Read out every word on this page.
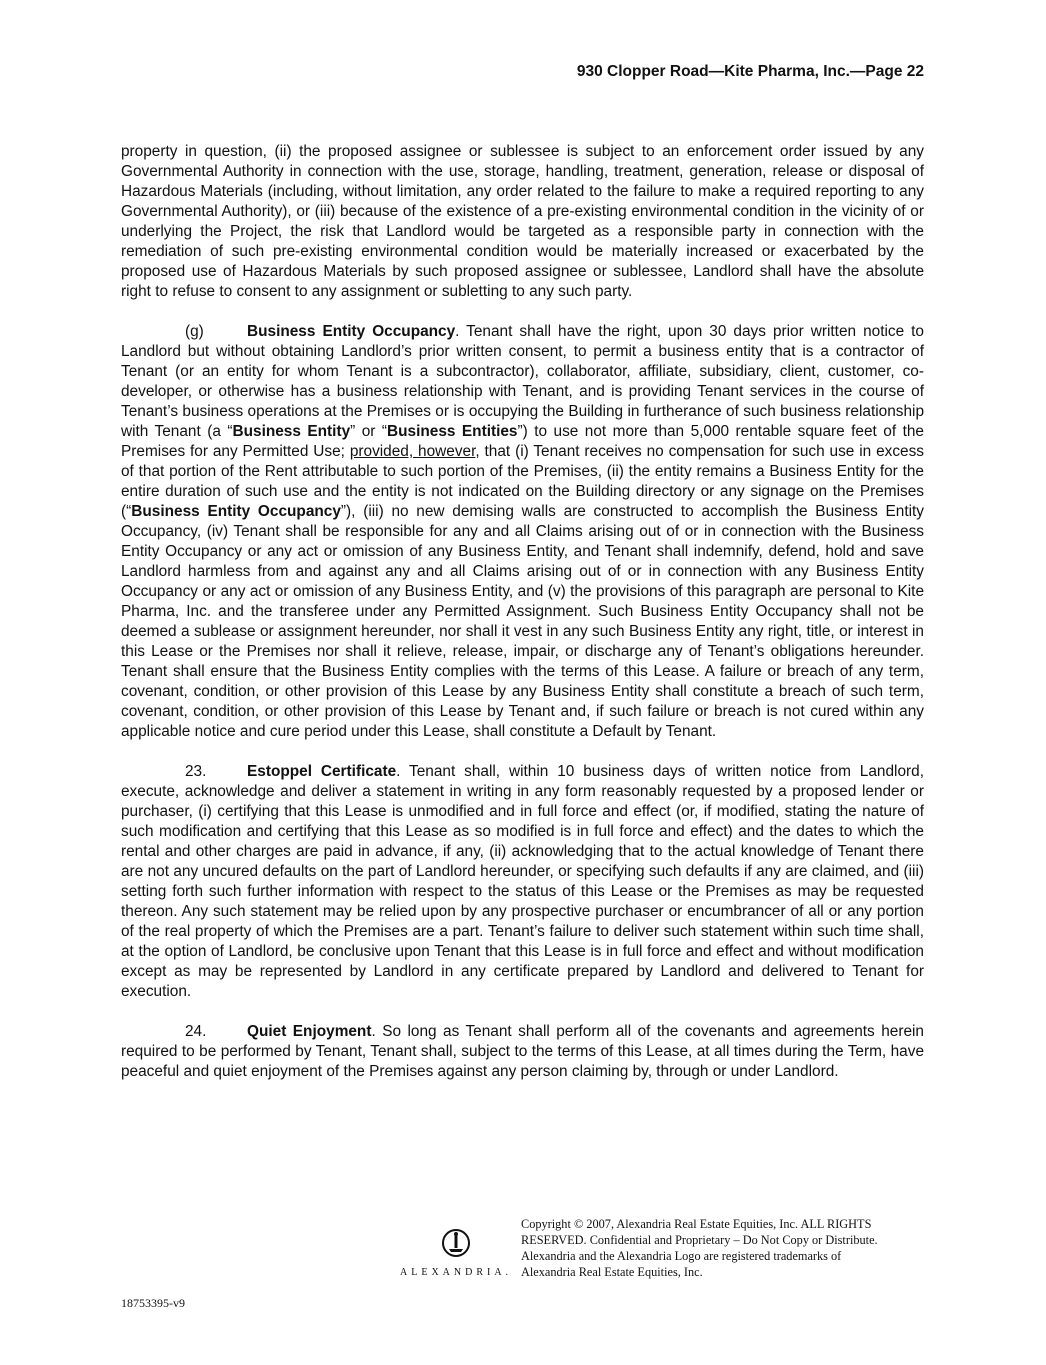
930 Clopper Road—Kite Pharma, Inc.—Page 22

property in question, (ii) the proposed assignee or sublessee is subject to an enforcement order issued by any Governmental Authority in connection with the use, storage, handling, treatment, generation, release or disposal of Hazardous Materials (including, without limitation, any order related to the failure to make a required reporting to any Governmental Authority), or (iii) because of the existence of a pre-existing environmental condition in the vicinity of or underlying the Project, the risk that Landlord would be targeted as a responsible party in connection with the remediation of such pre-existing environmental condition would be materially increased or exacerbated by the proposed use of Hazardous Materials by such proposed assignee or sublessee, Landlord shall have the absolute right to refuse to consent to any assignment or subletting to any such party.

(g)	Business Entity Occupancy. Tenant shall have the right, upon 30 days prior written notice to Landlord but without obtaining Landlord’s prior written consent, to permit a business entity that is a contractor of Tenant (or an entity for whom Tenant is a subcontractor), collaborator, affiliate, subsidiary, client, customer, co-developer, or otherwise has a business relationship with Tenant, and is providing Tenant services in the course of Tenant’s business operations at the Premises or is occupying the Building in furtherance of such business relationship with Tenant (a “Business Entity” or “Business Entities”) to use not more than 5,000 rentable square feet of the Premises for any Permitted Use; provided, however, that (i) Tenant receives no compensation for such use in excess of that portion of the Rent attributable to such portion of the Premises, (ii) the entity remains a Business Entity for the entire duration of such use and the entity is not indicated on the Building directory or any signage on the Premises (“Business Entity Occupancy”), (iii) no new demising walls are constructed to accomplish the Business Entity Occupancy, (iv) Tenant shall be responsible for any and all Claims arising out of or in connection with the Business Entity Occupancy or any act or omission of any Business Entity, and Tenant shall indemnify, defend, hold and save Landlord harmless from and against any and all Claims arising out of or in connection with any Business Entity Occupancy or any act or omission of any Business Entity, and (v) the provisions of this paragraph are personal to Kite Pharma, Inc. and the transferee under any Permitted Assignment. Such Business Entity Occupancy shall not be deemed a sublease or assignment hereunder, nor shall it vest in any such Business Entity any right, title, or interest in this Lease or the Premises nor shall it relieve, release, impair, or discharge any of Tenant’s obligations hereunder. Tenant shall ensure that the Business Entity complies with the terms of this Lease. A failure or breach of any term, covenant, condition, or other provision of this Lease by any Business Entity shall constitute a breach of such term, covenant, condition, or other provision of this Lease by Tenant and, if such failure or breach is not cured within any applicable notice and cure period under this Lease, shall constitute a Default by Tenant.

23.	Estoppel Certificate. Tenant shall, within 10 business days of written notice from Landlord, execute, acknowledge and deliver a statement in writing in any form reasonably requested by a proposed lender or purchaser, (i) certifying that this Lease is unmodified and in full force and effect (or, if modified, stating the nature of such modification and certifying that this Lease as so modified is in full force and effect) and the dates to which the rental and other charges are paid in advance, if any, (ii) acknowledging that to the actual knowledge of Tenant there are not any uncured defaults on the part of Landlord hereunder, or specifying such defaults if any are claimed, and (iii) setting forth such further information with respect to the status of this Lease or the Premises as may be requested thereon. Any such statement may be relied upon by any prospective purchaser or encumbrancer of all or any portion of the real property of which the Premises are a part. Tenant’s failure to deliver such statement within such time shall, at the option of Landlord, be conclusive upon Tenant that this Lease is in full force and effect and without modification except as may be represented by Landlord in any certificate prepared by Landlord and delivered to Tenant for execution.

24.	Quiet Enjoyment. So long as Tenant shall perform all of the covenants and agreements herein required to be performed by Tenant, Tenant shall, subject to the terms of this Lease, at all times during the Term, have peaceful and quiet enjoyment of the Premises against any person claiming by, through or under Landlord.

ALEXANDRIA.
Copyright © 2007, Alexandria Real Estate Equities, Inc. ALL RIGHTS RESERVED. Confidential and Proprietary – Do Not Copy or Distribute. Alexandria and the Alexandria Logo are registered trademarks of Alexandria Real Estate Equities, Inc.
18753395-v9
